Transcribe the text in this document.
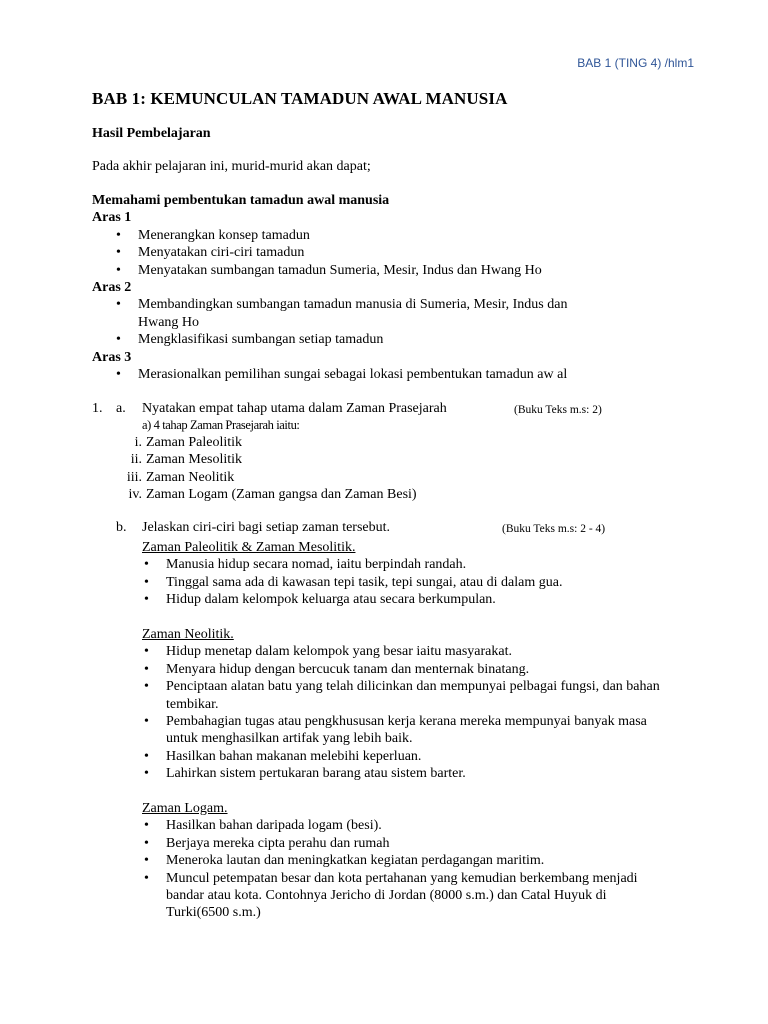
BAB 1 (TING 4) /hlm1
BAB 1: KEMUNCULAN TAMADUN AWAL MANUSIA
Hasil Pembelajaran
Pada akhir pelajaran ini, murid-murid akan dapat;
Memahami pembentukan tamadun awal manusia
Aras 1
• Menerangkan konsep tamadun
• Menyatakan ciri-ciri tamadun
• Menyatakan sumbangan tamadun Sumeria, Mesir, Indus dan Hwang Ho
Aras 2
• Membandingkan sumbangan tamadun manusia di Sumeria, Mesir, Indus dan
Hwang Ho
• Mengklasifikasi sumbangan setiap tamadun
Aras 3
• Merasionalkan pemilihan sungai sebagai lokasi pembentukan tamadun aw al
1. a. Nyatakan empat tahap utama dalam Zaman Prasejarah	(Buku Teks m.s: 2)
a) 4 tahap Zaman Prasejarah iaitu:
i. Zaman Paleolitik
ii. Zaman Mesolitik
iii. Zaman Neolitik
iv. Zaman Logam (Zaman gangsa dan Zaman Besi)
b. Jelaskan ciri-ciri bagi setiap zaman tersebut.	(Buku Teks m.s: 2 - 4)
Zaman Paleolitik & Zaman Mesolitik.
• Manusia hidup secara nomad, iaitu berpindah randah.
• Tinggal sama ada di kawasan tepi tasik, tepi sungai, atau di dalam gua.
• Hidup dalam kelompok keluarga atau secara berkumpulan.
Zaman Neolitik.
• Hidup menetap dalam kelompok yang besar iaitu masyarakat.
• Menyara hidup dengan bercucuk tanam dan menternak binatang.
• Penciptaan alatan batu yang telah dilicinkan dan mempunyai pelbagai fungsi, dan bahan tembikar.
• Pembahagian tugas atau pengkhususan kerja kerana mereka mempunyai banyak masa untuk menghasilkan artifak yang lebih baik.
• Hasilkan bahan makanan melebihi keperluan.
• Lahirkan sistem pertukaran barang atau sistem barter.
Zaman Logam.
• Hasilkan bahan daripada logam (besi).
• Berjaya mereka cipta perahu dan rumah
• Meneroka lautan dan meningkatkan kegiatan perdagangan maritim.
• Muncul petempatan besar dan kota pertahanan yang kemudian berkembang menjadi bandar atau kota. Contohnya Jericho di Jordan (8000 s.m.) dan Catal Huyuk di Turki(6500 s.m.)
